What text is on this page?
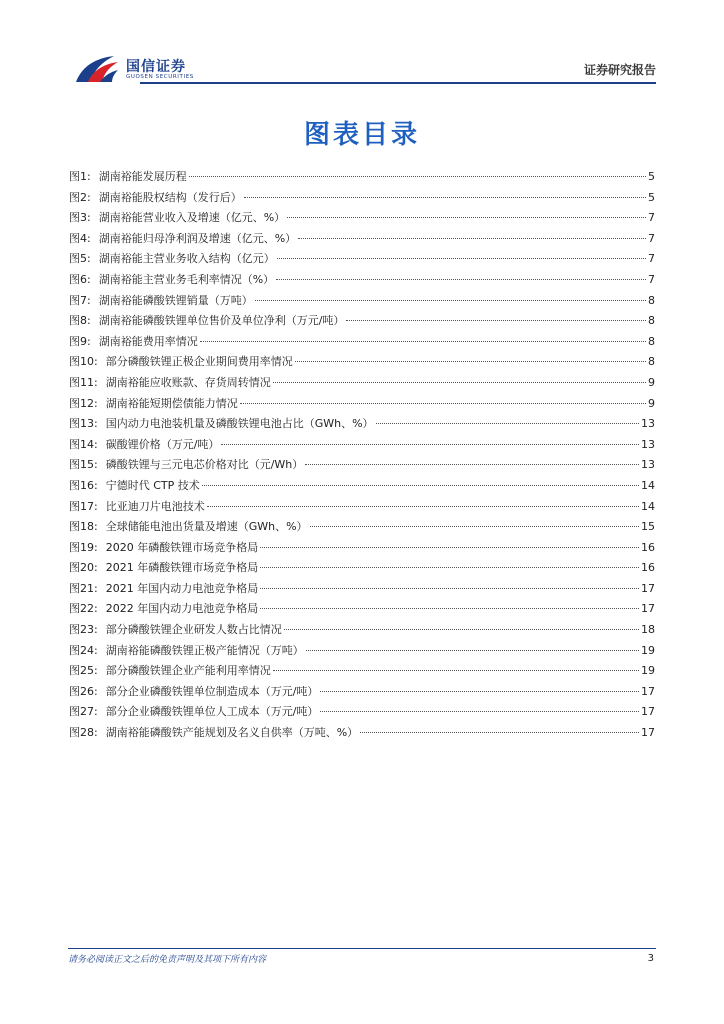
国信证券
GUOSEN SECURITIES	证券研究报告
图表目录
图1: 湖南裕能发展历程	5
图2: 湖南裕能股权结构（发行后）	5
图3: 湖南裕能营业收入及增速（亿元、%）	7
图4: 湖南裕能归母净利润及增速（亿元、%）	7
图5: 湖南裕能主营业务收入结构（亿元）	7
图6: 湖南裕能主营业务毛利率情况（%）	7
图7: 湖南裕能磷酸铁锂销量（万吨）	8
图8: 湖南裕能磷酸铁锂单位售价及单位净利（万元/吨）	8
图9: 湖南裕能费用率情况	8
图10: 部分磷酸铁锂正极企业期间费用率情况	8
图11: 湖南裕能应收账款、存货周转情况	9
图12: 湖南裕能短期偿债能力情况	9
图13: 国内动力电池装机量及磷酸铁锂电池占比（GWh、%）	13
图14: 碳酸锂价格（万元/吨）	13
图15: 磷酸铁锂与三元电芯价格对比（元/Wh）	13
图16: 宁德时代 CTP 技术	14
图17: 比亚迪刀片电池技术	14
图18: 全球储能电池出货量及增速（GWh、%）	15
图19: 2020 年磷酸铁锂市场竞争格局	16
图20: 2021 年磷酸铁锂市场竞争格局	16
图21: 2021 年国内动力电池竞争格局	17
图22: 2022 年国内动力电池竞争格局	17
图23: 部分磷酸铁锂企业研发人数占比情况	18
图24: 湖南裕能磷酸铁锂正极产能情况（万吨）	19
图25: 部分磷酸铁锂企业产能利用率情况	19
图26: 部分企业磷酸铁锂单位制造成本（万元/吨）	17
图27: 部分企业磷酸铁锂单位人工成本（万元/吨）	17
图28: 湖南裕能磷酸铁产能规划及名义自供率（万吨、%）	17
请务必阅读正文之后的免责声明及其项下所有内容	3
